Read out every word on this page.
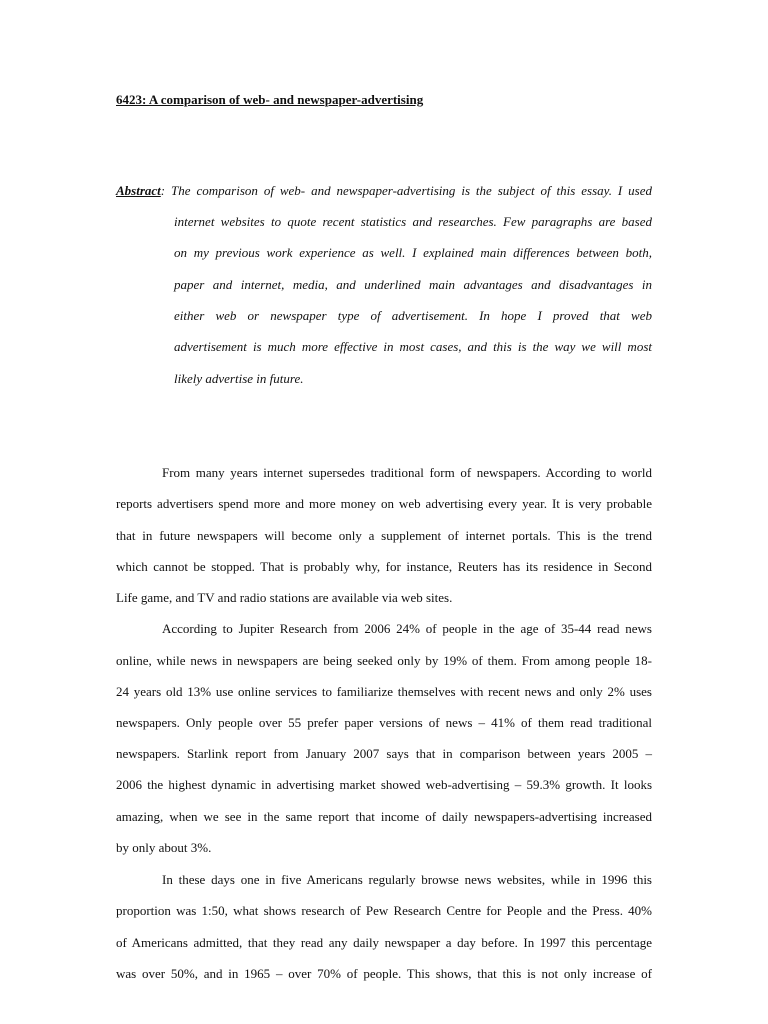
6423: A comparison of web- and newspaper-advertising
Abstract: The comparison of web- and newspaper-advertising is the subject of this essay. I used
internet websites to quote recent statistics and researches. Few paragraphs are based
on my previous work experience as well. I explained main differences between both,
paper and internet, media, and underlined main advantages and disadvantages in
either web or newspaper type of advertisement. In hope I proved that web
advertisement is much more effective in most cases, and this is the way we will most
likely advertise in future.
From many years internet supersedes traditional form of newspapers. According to world
reports advertisers spend more and more money on web advertising every year. It is very probable
that in future newspapers will become only a supplement of internet portals. This is the trend
which cannot be stopped. That is probably why, for instance, Reuters has its residence in Second
Life game, and TV and radio stations are available via web sites.
According to Jupiter Research from 2006 24% of people in the age of 35-44 read news
online, while news in newspapers are being seeked only by 19% of them. From among people 18-
24 years old 13% use online services to familiarize themselves with recent news and only 2% uses
newspapers. Only people over 55 prefer paper versions of news – 41% of them read traditional
newspapers. Starlink report from January 2007 says that in comparison between years 2005 –
2006 the highest dynamic in advertising market showed web-advertising – 59.3% growth. It looks
amazing, when we see in the same report that income of daily newspapers-advertising increased
by only about 3%.
In these days one in five Americans regularly browse news websites, while in 1996 this
proportion was 1:50, what shows research of Pew Research Centre for People and the Press. 40%
of Americans admitted, that they read any daily newspaper a day before. In 1997 this percentage
was over 50%, and in 1965 – over 70% of people. This shows, that this is not only increase of
